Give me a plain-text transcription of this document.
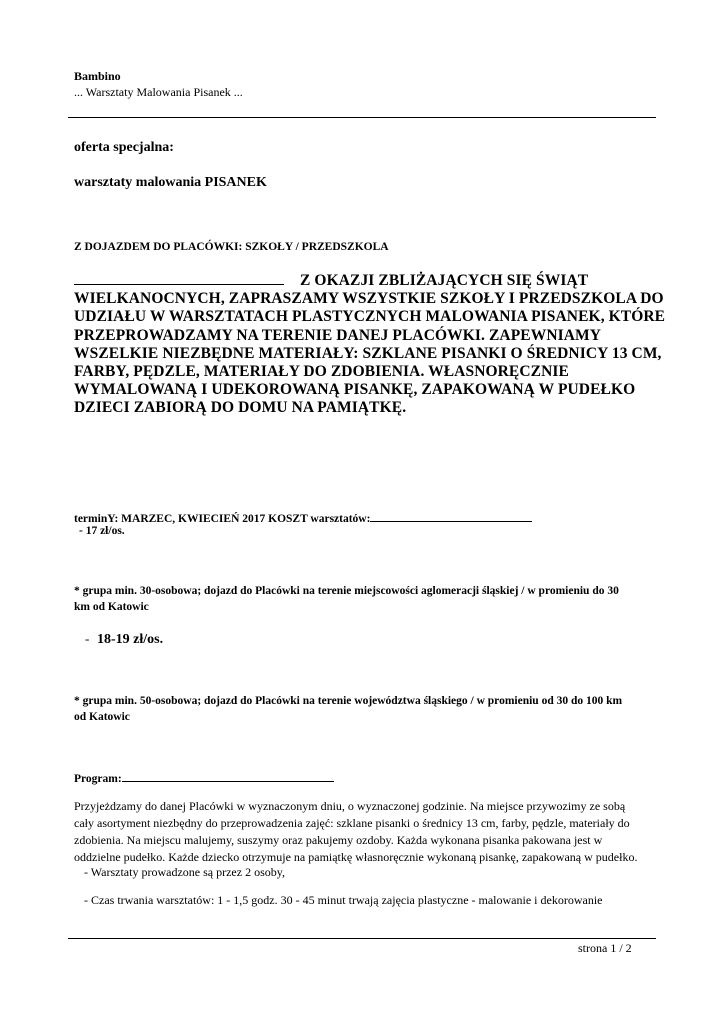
Bambino
... Warsztaty Malowania Pisanek ...
oferta specjalna:
warsztaty malowania PISANEK
Z DOJAZDEM DO PLACÓWKI: SZKOŁY / PRZEDSZKOLA
Z OKAZJI ZBLIŻAJĄCYCH SIĘ ŚWIĄT
WIELKANOCNYCH, ZAPRASZAMY WSZYSTKIE SZKOŁY I PRZEDSZKOLA DO
UDZIAŁU W WARSZTATACH PLASTYCZNYCH MALOWANIA PISANEK, KTÓRE
PRZEPROWADZAMY NA TERENIE DANEJ PLACÓWKI. ZAPEWNIAMY
WSZELKIE NIEZBĘDNE MATERIAŁY: SZKLANE PISANKI O ŚREDNICY 13 CM,
FARBY, PĘDZLE, MATERIAŁY DO ZDOBIENIA. WŁASNORĘCZNIE
WYMALOWANĄ I UDEKOROWANĄ PISANKĘ, ZAPAKOWANĄ W PUDEŁKO
DZIECI ZABIORĄ DO DOMU NA PAMIĄTKĘ.
terminY: MARZEC, KWIECIEŃ 2017 KOSZT warsztatów:
- 17 zł/os.
* grupa min. 30-osobowa; dojazd do Placówki na terenie miejscowości aglomeracji śląskiej / w promieniu do 30
km od Katowic
- 18-19 zł/os.
* grupa min. 50-osobowa; dojazd do Placówki na terenie województwa śląskiego / w promieniu od 30 do 100 km
od Katowic
Program:
Przyjeżdzamy do danej Placówki w wyznaczonym dniu, o wyznaczonej godzinie. Na miejsce przywozimy ze sobą
cały asortyment niezbędny do przeprowadzenia zajęć: szklane pisanki o średnicy 13 cm, farby, pędzle, materiały do
zdobienia. Na miejscu malujemy, suszymy oraz pakujemy ozdoby. Każda wykonana pisanka pakowana jest w
oddzielne pudełko. Każde dziecko otrzymuje na pamiątkę własnoręcznie wykonaną pisankę, zapakowaną w pudełko.
- Warsztaty prowadzone są przez 2 osoby,
- Czas trwania warsztatów: 1 - 1,5 godz. 30 - 45 minut trwają zajęcia plastyczne - malowanie i dekorowanie
strona 1 / 2
